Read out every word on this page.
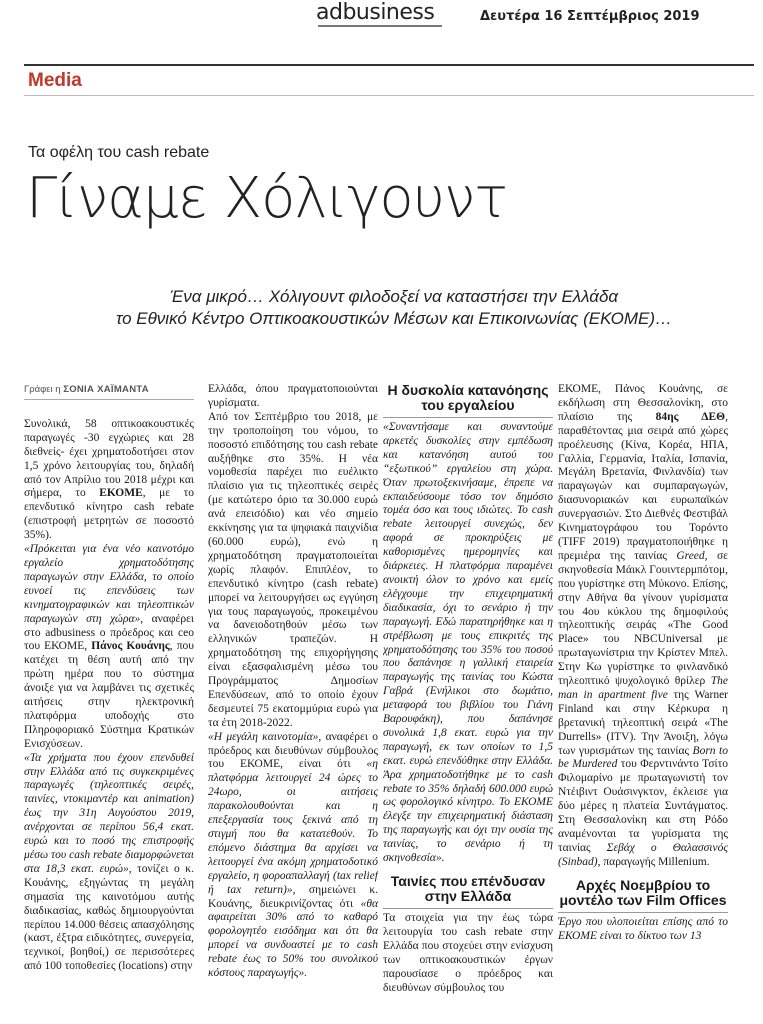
adbusiness	Δευτέρα 16 Σεπτέμβριος 2019
Media
Τα οφέλη του cash rebate
Γίναμε Χόλιγουντ
Ένα μικρό… Χόλιγουντ φιλοδοξεί να καταστήσει την Ελλάδα
το Εθνικό Κέντρο Οπτικοακουστικών Μέσων και Επικοινωνίας (ΕΚΟΜΕ)…
Γράφει η ΣΟΝΙΑ ΧΑΪΜΑΝΤΑ

Συνολικά, 58 οπτικοακουστικές παραγωγές -30 εγχώριες και 28 διεθνείς- έχει χρηματοδοτήσει στον 1,5 χρόνο λειτουργίας του, δηλαδή από τον Απρίλιο του 2018 μέχρι και σήμερα, το ΕΚΟΜΕ, με το επενδυτικό κίνητρο cash rebate (επιστροφή μετρητών σε ποσοστό 35%).

«Πρόκειται για ένα νέο καινοτόμο εργαλείο χρηματοδότησης παραγωγών στην Ελλάδα, το οποίο ευνοεί τις επενδύσεις των κινηματογραφικών και τηλεοπτικών παραγωγών στη χώρα», αναφέρει στο adbusiness ο πρόεδρος και ceo του ΕΚΟΜΕ, Πάνος Κουάνης, που κατέχει τη θέση αυτή από την πρώτη ημέρα που το σύστημα άνοιξε για να λαμβάνει τις σχετικές αιτήσεις στην ηλεκτρονική πλατφόρμα υποδοχής στο Πληροφοριακό Σύστημα Κρατικών Ενισχύσεων.

«Τα χρήματα που έχουν επενδυθεί στην Ελλάδα από τις συγκεκριμένες παραγωγές (τηλεοπτικές σειρές, ταινίες, ντοκιμαντέρ και animation) έως την 31η Αυγούστου 2019, ανέρχονται σε περίπου 56,4 εκατ. ευρώ και το ποσό της επιστροφής μέσω του cash rebate διαμορφώνεται στα 18,3 εκατ. ευρώ», τονίζει ο κ. Κουάνης, εξηγώντας τη μεγάλη σημασία της καινοτόμου αυτής διαδικασίας, καθώς δημιουργούνται περίπου 14.000 θέσεις απασχόλησης (καστ, έξτρα ειδικότητες, συνεργεία, τεχνικοί, βοηθοί,) σε περισσότερες από 100 τοποθεσίες (locations) στην

Ελλάδα, όπου πραγματοποιούνται γυρίσματα.

Από τον Σεπτέμβριο του 2018, με την τροποποίηση του νόμου, το ποσοστό επιδότησης του cash rebate αυξήθηκε στο 35%. Η νέα νομοθεσία παρέχει πιο ευέλικτο πλαίσιο για τις τηλεοπτικές σειρές (με κατώτερο όριο τα 30.000 ευρώ ανά επεισόδιο) και νέο σημείο εκκίνησης για τα ψηφιακά παιχνίδια (60.000 ευρώ), ενώ η χρηματοδότηση πραγματοποιείται χωρίς πλαφόν. Επιπλέον, το επενδυτικό κίνητρο (cash rebate) μπορεί να λειτουργήσει ως εγγύηση για τους παραγωγούς, προκειμένου να δανειοδοτηθούν μέσω των ελληνικών τραπεζών. Η χρηματοδότηση της επιχορήγησης είναι εξασφαλισμένη μέσω του Προγράμματος Δημοσίων Επενδύσεων, από το οποίο έχουν δεσμευτεί 75 εκατομμύρια ευρώ για τα έτη 2018-2022.

«Η μεγάλη καινοτομία», αναφέρει ο πρόεδρος και διευθύνων σύμβουλος του ΕΚΟΜΕ, είναι ότι «η πλατφόρμα λειτουργεί 24 ώρες το 24ωρο, οι αιτήσεις παρακολουθούνται και η επεξεργασία τους ξεκινά από τη στιγμή που θα κατατεθούν. Το επόμενο διάστημα θα αρχίσει να λειτουργεί ένα ακόμη χρηματοδοτικό εργαλείο, η φοροαπαλλαγή (tax relief ή tax return)», σημειώνει κ. Κουάνης, διευκρινίζοντας ότι «θα αφαιρείται 30% από το καθαρό φορολογητέο εισόδημα και ότι θα μπορεί να συνδυαστεί με το cash rebate έως το 50% του συνολικού κόστους παραγωγής».

Η δυσκολία κατανόησης του εργαλείου

«Συναντήσαμε και συναντούμε αρκετές δυσκολίες στην εμπέδωση και κατανόηση αυτού του “εξωτικού” εργαλείου στη χώρα. Όταν πρωτοξεκινήσαμε, έπρεπε να εκπαιδεύσουμε τόσο τον δημόσιο τομέα όσο και τους ιδιώτες. Το cash rebate λειτουργεί συνεχώς, δεν αφορά σε προκηρύξεις με καθορισμένες ημερομηνίες και διάρκειες. Η πλατφόρμα παραμένει ανοικτή όλον το χρόνο και εμείς ελέγχουμε την επιχειρηματική διαδικασία, όχι το σενάριο ή την παραγωγή. Εδώ παρατηρήθηκε και η στρέβλωση με τους επικριτές της χρηματοδότησης του 35% του ποσού που δαπάνησε η γαλλική εταιρεία παραγωγής της ταινίας του Κώστα Γαβρά (Ενήλικοι στο δωμάτιο, μεταφορά του βιβλίου του Γιάνη Βαρουφάκη), που δαπάνησε συνολικά 1,8 εκατ. ευρώ για την παραγωγή, εκ των οποίων το 1,5 εκατ. ευρώ επενδύθηκε στην Ελλάδα. Άρα χρηματοδοτήθηκε με το cash rebate το 35% δηλαδή 600.000 ευρώ ως φορολογικό κίνητρο. Το ΕΚΟΜΕ έλεγξε την επιχειρηματική διάσταση της παραγωγής και όχι την ουσία της ταινίας, το σενάριο ή τη σκηνοθεσία».

Ταινίες που επένδυσαν στην Ελλάδα

Τα στοιχεία για την έως τώρα λειτουργία του cash rebate στην Ελλάδα που στοχεύει στην ενίσχυση των οπτικοακουστικών έργων παρουσίασε ο πρόεδρος και διευθύνων σύμβουλος του

ΕΚΟΜΕ, Πάνος Κουάνης, σε εκδήλωση στη Θεσσαλονίκη, στο πλαίσιο της 84ης ΔΕΘ, παραθέτοντας μια σειρά από χώρες προέλευσης (Κίνα, Κορέα, ΗΠΑ, Γαλλία, Γερμανία, Ιταλία, Ισπανία, Μεγάλη Βρετανία, Φινλανδία) των παραγωγών και συμπαραγωγών, διασυνοριακών και ευρωπαϊκών συνεργασιών. Στο Διεθνές Φεστιβάλ Κινηματογράφου του Τορόντο (TIFF 2019) πραγματοποιήθηκε η πρεμιέρα της ταινίας Greed, σε σκηνοθεσία Μάικλ Γουιντερμπότομ, που γυρίστηκε στη Μύκονο. Επίσης, στην Αθήνα θα γίνουν γυρίσματα του 4ου κύκλου της δημοφιλούς τηλεοπτικής σειράς «The Good Place» του NBCUniversal με πρωταγωνίστρια την Κρίστεν Μπελ. Στην Κω γυρίστηκε το φινλανδικό τηλεοπτικό ψυχολογικό θρίλερ The man in apartment five της Warner Finland και στην Κέρκυρα η βρετανική τηλεοπτική σειρά «The Durrells» (ITV). Την Άνοιξη, λόγω των γυρισμάτων της ταινίας Born to be Murdered του Φερντινάντο Τσίτο Φιλομαρίνο με πρωταγωνιστή τον Ντέιβιντ Ουάσινγκτον, έκλεισε για δύο μέρες η πλατεία Συντάγματος. Στη Θεσσαλονίκη και στη Ρόδο αναμένονται τα γυρίσματα της ταινίας Σεβάχ ο Θαλασσινός (Sinbad), παραγωγής Millenium.

Αρχές Νοεμβρίου το μοντέλο των Film Offices

Έργο που υλοποιείται επίσης από το ΕΚΟΜΕ είναι το δίκτυο των 13
